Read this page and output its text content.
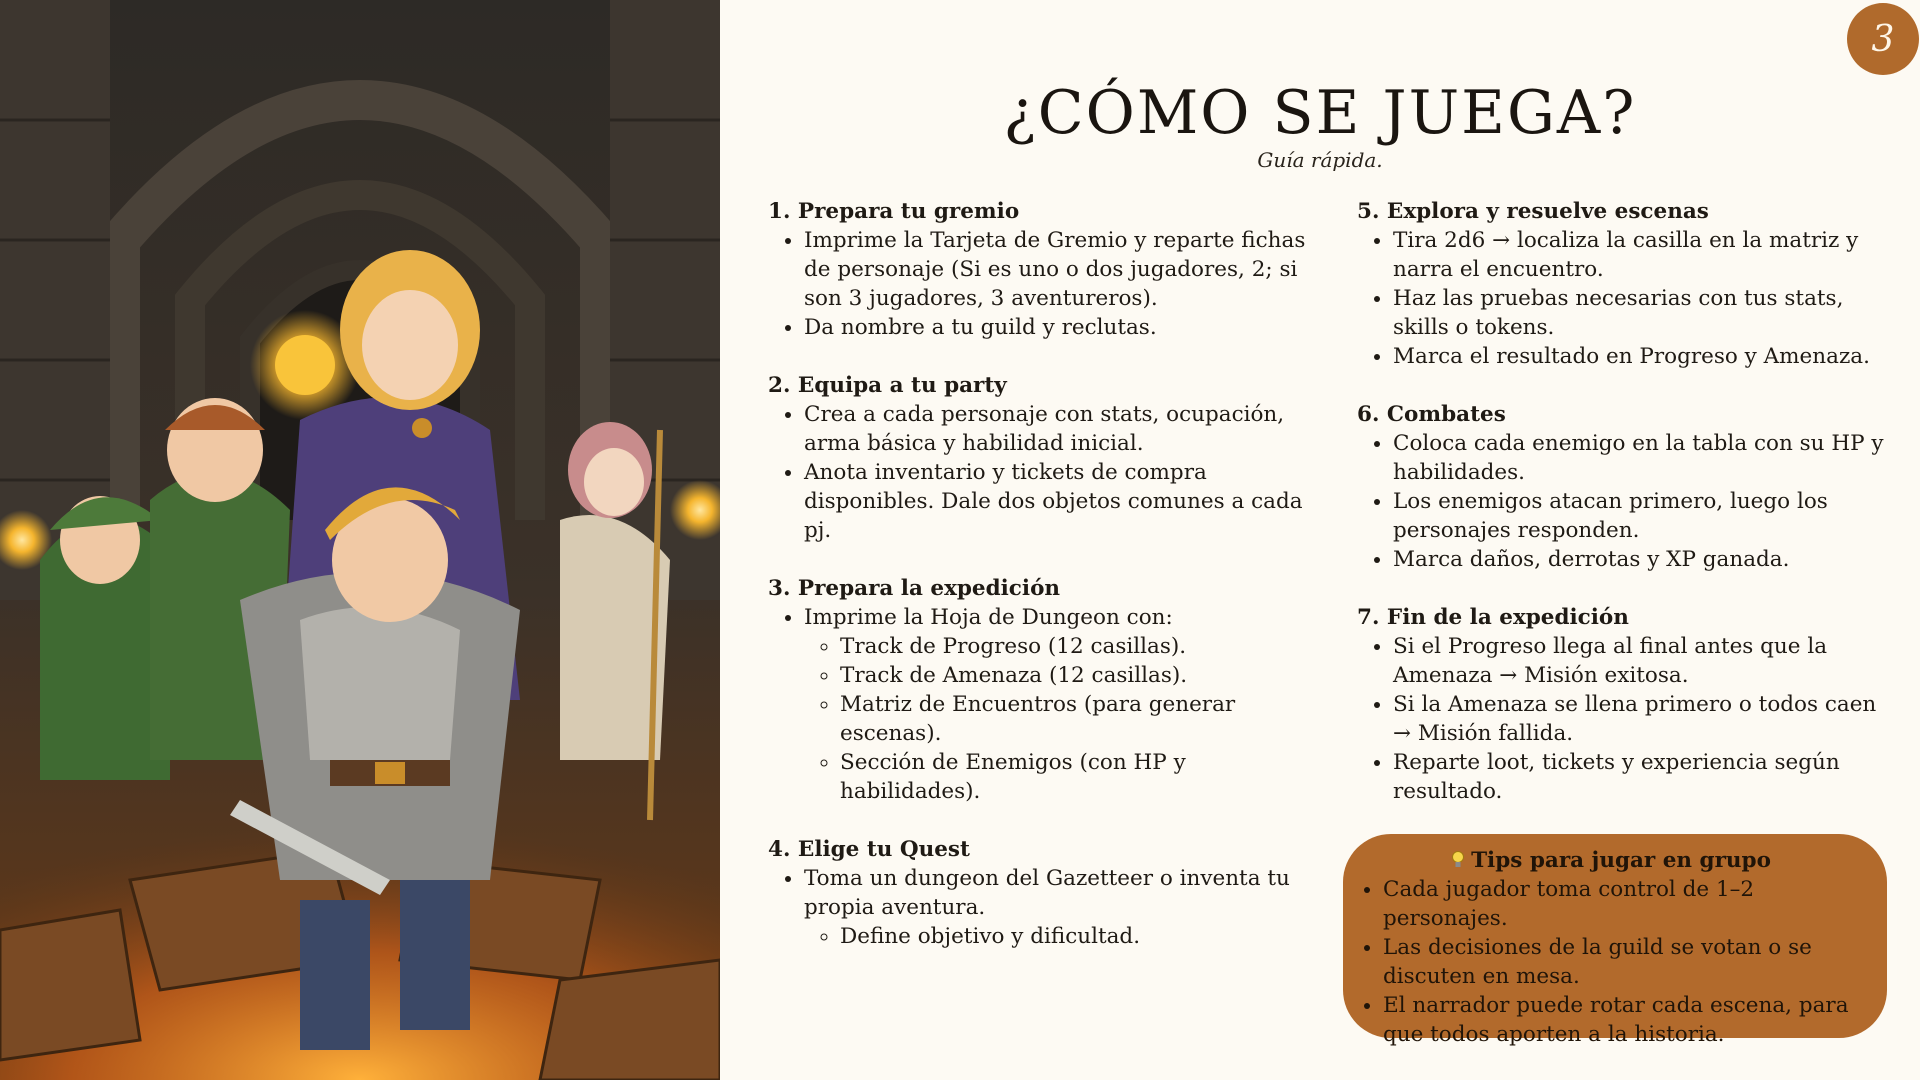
3
¿CÓMO SE JUEGA?
Guía rápida.
1. Prepara tu gremio
• Imprime la Tarjeta de Gremio y reparte fichas de personaje (Si es uno o dos jugadores, 2; si son 3 jugadores, 3 aventureros).
• Da nombre a tu guild y reclutas.
2. Equipa a tu party
• Crea a cada personaje con stats, ocupación, arma básica y habilidad inicial.
• Anota inventario y tickets de compra disponibles. Dale dos objetos comunes a cada pj.
3. Prepara la expedición
• Imprime la Hoja de Dungeon con:
◦ Track de Progreso (12 casillas).
◦ Track de Amenaza (12 casillas).
◦ Matriz de Encuentros (para generar escenas).
◦ Sección de Enemigos (con HP y habilidades).
4. Elige tu Quest
• Toma un dungeon del Gazetteer o inventa tu propia aventura.
◦ Define objetivo y dificultad.
5. Explora y resuelve escenas
• Tira 2d6 → localiza la casilla en la matriz y narra el encuentro.
• Haz las pruebas necesarias con tus stats, skills o tokens.
• Marca el resultado en Progreso y Amenaza.
6. Combates
• Coloca cada enemigo en la tabla con su HP y habilidades.
• Los enemigos atacan primero, luego los personajes responden.
• Marca daños, derrotas y XP ganada.
7. Fin de la expedición
• Si el Progreso llega al final antes que la Amenaza → Misión exitosa.
• Si la Amenaza se llena primero o todos caen → Misión fallida.
• Reparte loot, tickets y experiencia según resultado.
Tips para jugar en grupo
• Cada jugador toma control de 1–2 personajes.
• Las decisiones de la guild se votan o se discuten en mesa.
• El narrador puede rotar cada escena, para que todos aporten a la historia.
